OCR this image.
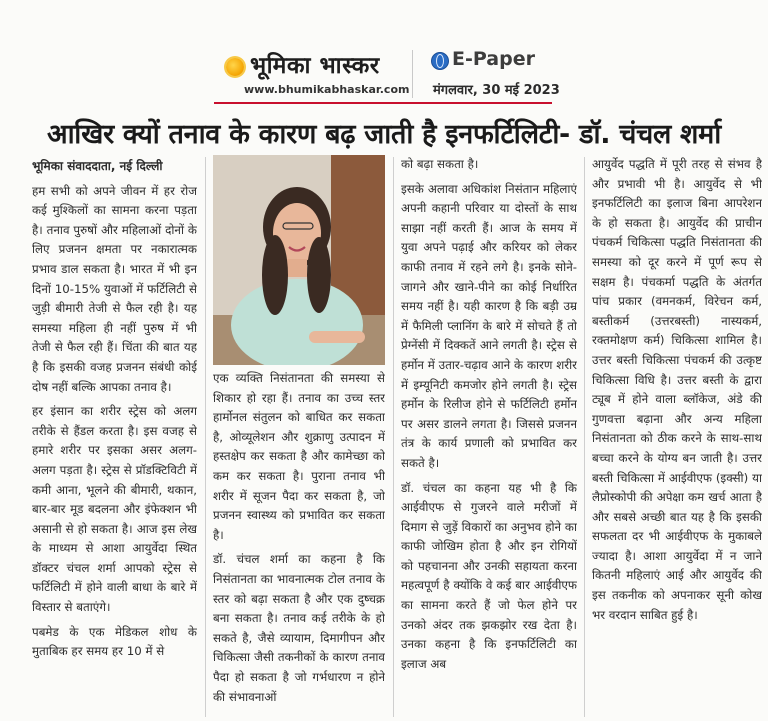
भूमिका भास्कर
www.bhumikabhaskar.com
E-Paper
मंगलवार, 30 मई 2023
आखिर क्यों तनाव के कारण बढ़ जाती है इनफर्टिलिटी- डॉ. चंचल शर्मा

भूमिका संवाददाता, नई दिल्ली

हम सभी को अपने जीवन में हर रोज कई मुश्किलों का सामना करना पड़ता है। तनाव पुरुषों और महिलाओं दोनों के लिए प्रजनन क्षमता पर नकारात्मक प्रभाव डाल सकता है। भारत में भी इन दिनों 10-15% युवाओं में फर्टिलिटी से जुड़ी बीमारी तेजी से फैल रही है। यह समस्या महिला ही नहीं पुरुष में भी तेजी से फैल रही हैं। चिंता की बात यह है कि इसकी वजह प्रजनन संबंधी कोई दोष नहीं बल्कि आपका तनाव है।

हर इंसान का शरीर स्ट्रेस को अलग तरीके से हैंडल करता है। इस वजह से हमारे शरीर पर इसका असर अलग-अलग पड़ता है। स्ट्रेस से प्रॉडक्टिविटी में कमी आना, भूलने की बीमारी, थकान, बार-बार मूड बदलना और इंफेक्शन भी असानी से हो सकता है। आज इस लेख के माध्यम से आशा आयुर्वेदा स्थित डॉक्टर चंचल शर्मा आपको स्ट्रेस से फर्टिलिटी में होने वाली बाधा के बारे में विस्तार से बताएंगे।

पबमेड के एक मेडिकल शोध के मुताबिक हर समय हर 10 में से

एक व्यक्ति निसंतानता की समस्या से शिकार हो रहा हैं। तनाव का उच्च स्तर हार्मोनल संतुलन को बाधित कर सकता है, ओव्यूलेशन और शुक्राणु उत्पादन में हस्तक्षेप कर सकता है और कामेच्छा को कम कर सकता है। पुराना तनाव भी शरीर में सूजन पैदा कर सकता है, जो प्रजनन स्वास्थ्य को प्रभावित कर सकता है।

डॉ. चंचल शर्मा का कहना है कि निसंतानता का भावनात्मक टोल तनाव के स्तर को बढ़ा सकता है और एक दुष्चक्र बना सकता है। तनाव कई तरीके के हो सकते है, जैसे व्यायाम, दिमागीपन और चिकित्सा जैसी तकनीकों के कारण तनाव पैदा हो सकता है जो गर्भधारण न होने की संभावनाओं

को बढ़ा सकता है।

इसके अलावा अधिकांश निसंतान महिलाएं अपनी कहानी परिवार या दोस्तों के साथ साझा नहीं करती हैं। आज के समय में युवा अपने पढ़ाई और करियर को लेकर काफी तनाव में रहने लगे है। इनके सोने-जागने और खाने-पीने का कोई निर्धारित समय नहीं है। यही कारण है कि बड़ी उम्र में फैमिली प्लानिंग के बारे में सोचते हैं तो प्रेग्नेंसी में दिक्कतें आने लगती है। स्ट्रेस से हर्मोन में उतार-चढ़ाव आने के कारण शरीर में इम्यूनिटी कमजोर होने लगती है। स्ट्रेस हर्मोन के रिलीज होने से फर्टिलिटी हर्मोन पर असर डालने लगता है। जिससे प्रजनन तंत्र के कार्य प्रणाली को प्रभावित कर सकते है।

डॉ. चंचल का कहना यह भी है कि आईवीएफ से गुजरने वाले मरीजों में दिमाग से जुड़ें विकारों का अनुभव होने का काफी जोखिम होता है और इन रोगियों को पहचानना और उनकी सहायता करना महत्वपूर्ण है क्योंकि वे कई बार आईवीएफ का सामना करते हैं जो फेल होने पर उनको अंदर तक झकझोर रख देता है। उनका कहना है कि इनफर्टिलिटी का इलाज अब

आयुर्वेद पद्धति में पूरी तरह से संभव है और प्रभावी भी है। आयुर्वेद से भी इनफर्टिलिटी का इलाज बिना आपरेशन के हो सकता है। आयुर्वेद की प्राचीन पंचकर्म चिकित्सा पद्धति निसंतानता की समस्या को दूर करने में पूर्ण रूप से सक्षम है। पंचकर्मा पद्धति के अंतर्गत पांच प्रकार (वमनकर्म, विरेचन कर्म, बस्तीकर्म (उत्तरबस्ती) नास्यकर्म, रक्तमोक्षण कर्म) चिकित्सा शामिल है। उत्तर बस्ती चिकित्सा पंचकर्म की उत्कृष्ट चिकित्सा विधि है। उत्तर बस्ती के द्वारा ट्यूब में होने वाला ब्लॉकेज, अंडे की गुणवत्ता बढ़ाना और अन्य महिला निसंतानता को ठीक करने के साथ-साथ बच्चा करने के योग्य बन जाती है। उत्तर बस्ती चिकित्सा में आईवीएफ (इक्सी) या लैप्रोस्कोपी की अपेक्षा कम खर्च आता है और सबसे अच्छी बात यह है कि इसकी सफलता दर भी आईवीएफ के मुकाबले ज्यादा है। आशा आयुर्वेदा में न जाने कितनी महिलाएं आई और आयुर्वेद की इस तकनीक को अपनाकर सूनी कोख भर वरदान साबित हुई है।
